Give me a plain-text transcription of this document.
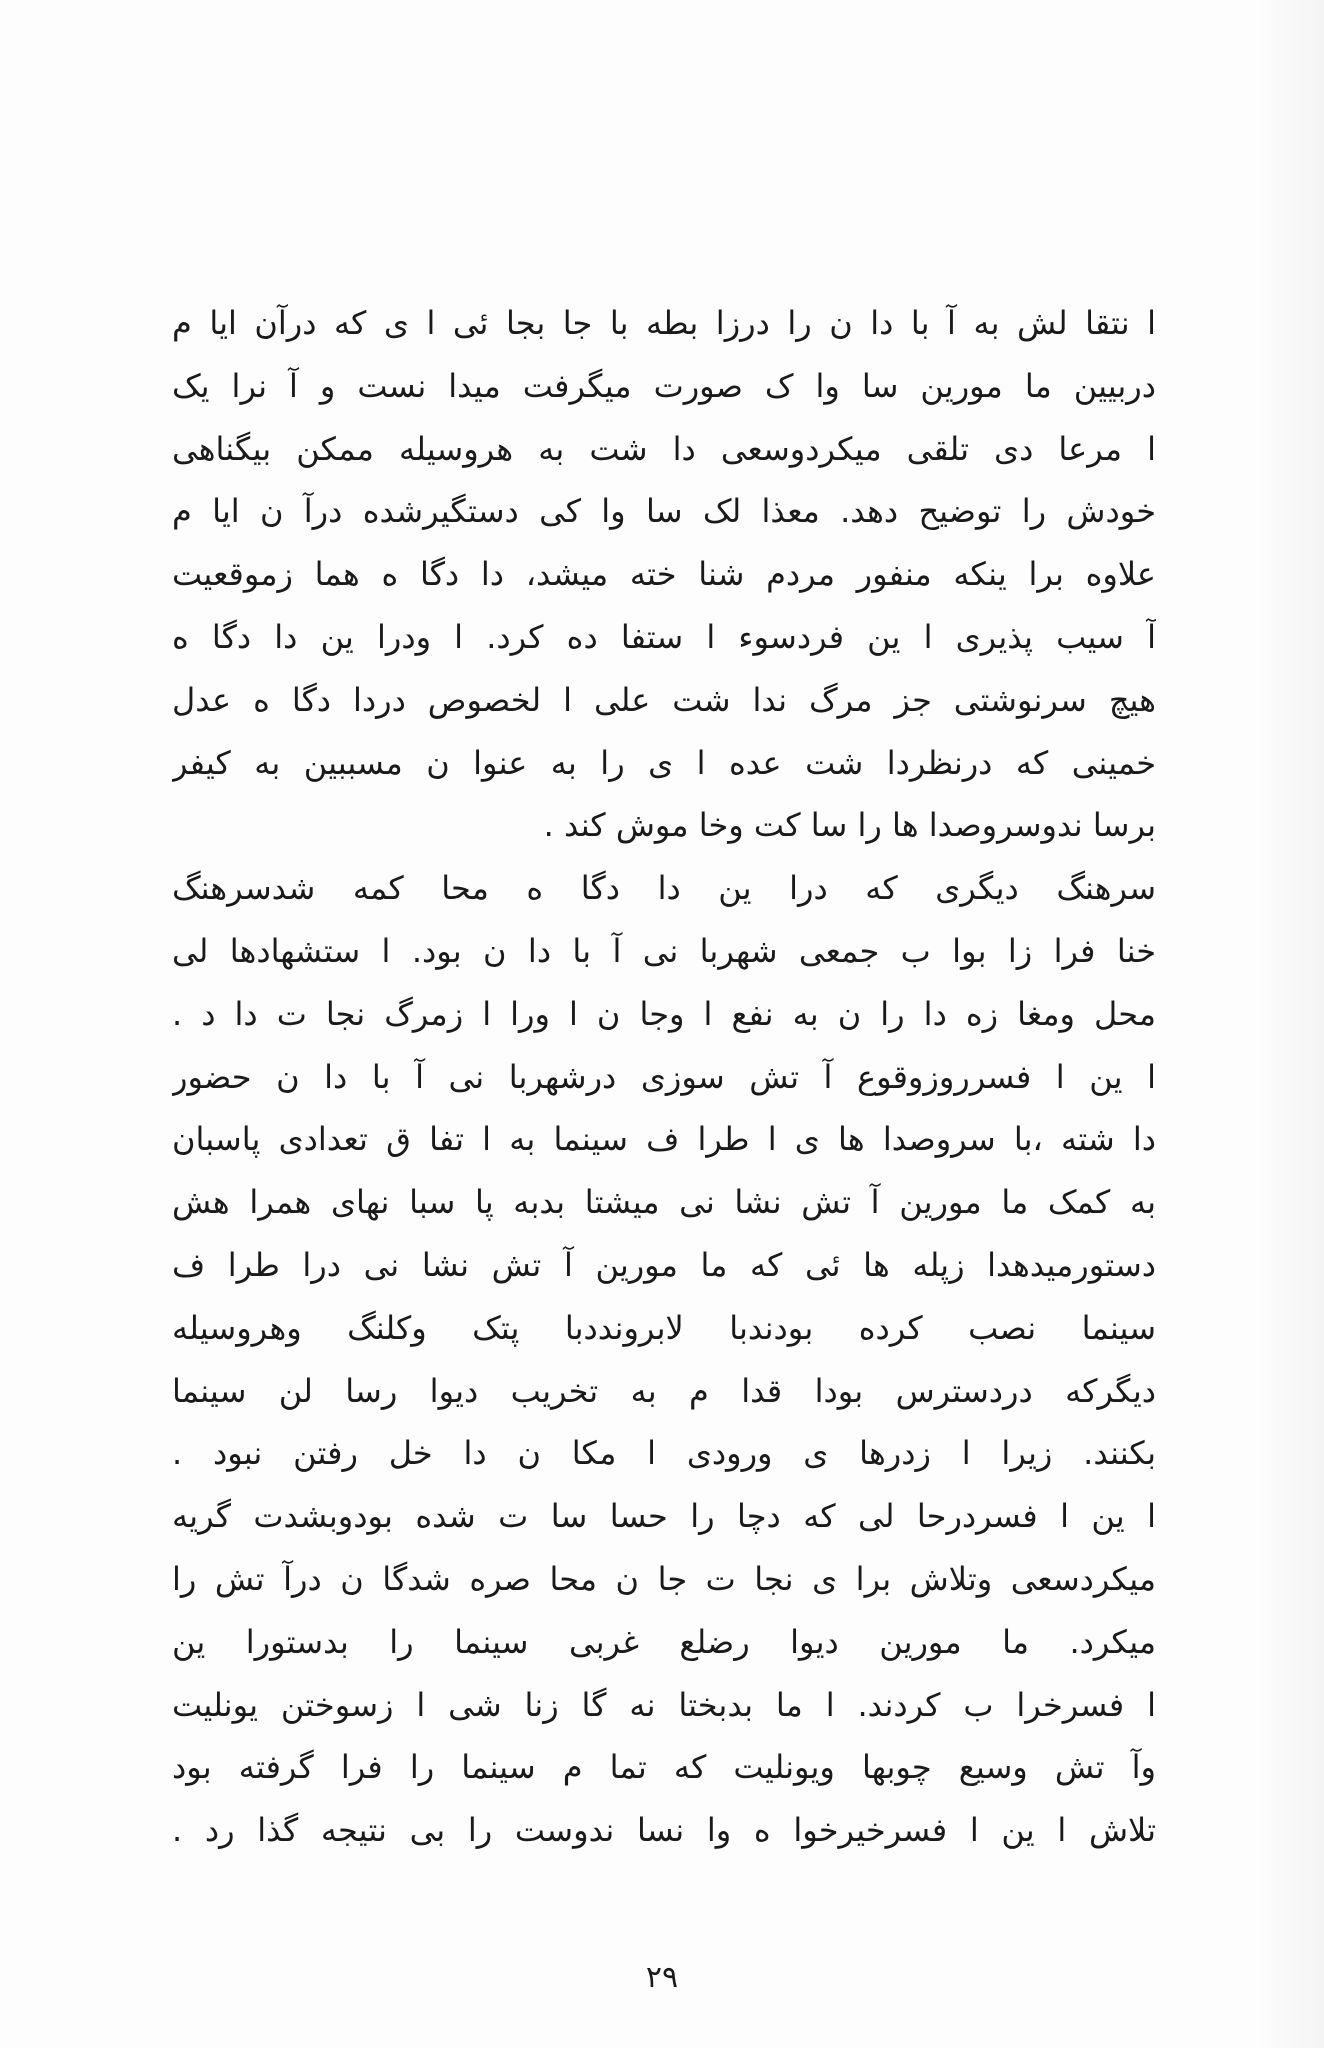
ا نتقا لش به آ با دا ن را درزا بطه با جا بجا ئی ا ی که درآن ایا م
دربیین ما مورین سا وا ک صورت میگرفت میدا نست و آ نرا یک
ا مرعا دی تلقی میکردوسعی دا شت به هروسیله ممکن بیگناهی
خودش را توضیح دهد. معذا لک سا وا کی دستگیرشده درآ ن ایا م
علاوه برا ینکه منفور مردم شنا خته میشد، دا دگا ه هما زموقعیت
آ سیب پذیری ا ین فردسوء ا ستفا ده کرد. ا ودرا ین دا دگا ه
هیچ سرنوشتی جز مرگ ندا شت علی ا لخصوص دردا دگا ه عدل
خمینی که درنظردا شت عده ا ی را به عنوا ن مسببین به کیفر
برسا ندوسروصدا ها را سا کت وخا موش کند .
سرهنگ دیگری که درا ین دا دگا ه محا کمه شدسرهنگ
خنا فرا زا بوا ب جمعی شهربا نی آ با دا ن بود. ا ستشهادها لی
محل ومغا زه دا را ن به نفع ا وجا ن ا ورا ا زمرگ نجا ت دا د .
ا ین ا فسرروزوقوع آ تش سوزی درشهربا نی آ با دا ن حضور
دا شته ،با سروصدا ها ی ا طرا ف سینما به ا تفا ق تعدادی پاسبان
به کمک ما مورین آ تش نشا نی میشتا بدبه پا سبا نهای همرا هش
دستورمیدهدا زپله ها ئی که ما مورین آ تش نشا نی درا طرا ف
سینما نصب کرده بودندبا لابرونددبا پتک وکلنگ وهروسیله
دیگرکه دردسترس بودا قدا م به تخریب دیوا رسا لن سینما
بکنند. زیرا ا زدرها ی ورودی ا مکا ن دا خل رفتن نبود .
ا ین ا فسردرحا لی که دچا را حسا سا ت شده بودوبشدت گریه
میکردسعی وتلاش برا ی نجا ت جا ن محا صره شدگا ن درآ تش را
میکرد. ما مورین دیوا رضلع غربی سینما را بدستورا ین
ا فسرخرا ب کردند. ا ما بدبختا نه گا زنا شی ا زسوختن یونلیت
وآ تش وسیع چوبها ویونلیت که تما م سینما را فرا گرفته بود
تلاش ا ین ا فسرخیرخوا ه وا نسا ندوست را بی نتیجه گذا رد .
۲۹
